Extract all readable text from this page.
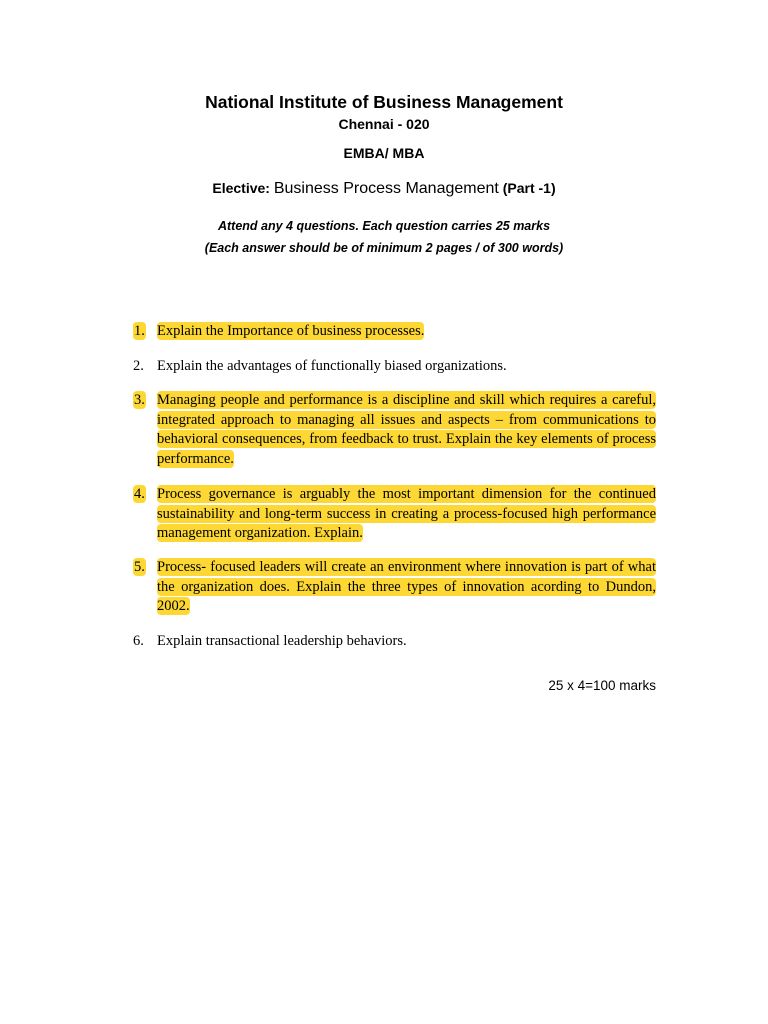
National Institute of Business Management
Chennai - 020
EMBA/ MBA
Elective: Business Process Management (Part -1)
Attend any 4 questions. Each question carries 25 marks
(Each answer should be of minimum 2 pages / of 300 words)
1. Explain the Importance of business processes.
2. Explain the advantages of functionally biased organizations.
3. Managing people and performance is a discipline and skill which requires a careful, integrated approach to managing all issues and aspects – from communications to behavioral consequences, from feedback to trust. Explain the key elements of process performance.
4. Process governance is arguably the most important dimension for the continued sustainability and long-term success in creating a process-focused high performance management organization. Explain.
5. Process- focused leaders will create an environment where innovation is part of what the organization does. Explain the three types of innovation acording to Dundon, 2002.
6. Explain transactional leadership behaviors.
25 x 4=100 marks
